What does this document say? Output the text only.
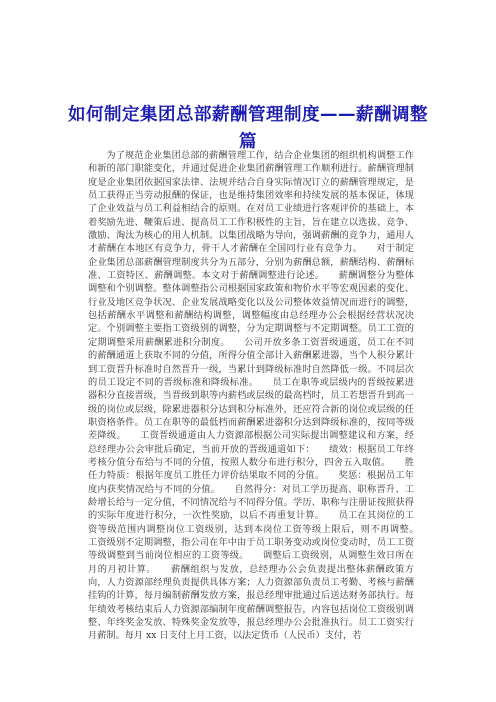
如何制定集团总部薪酬管理制度——薪酬调整篇

为了规范企业集团总部的薪酬管理工作，结合企业集团的组织机构调整工作和新的部门职能变化，并通过促进企业集团薪酬管理工作顺利进行。薪酬管理制度是企业集团依据国家法律、法规并结合自身实际情况订立的薪酬管理规定，是员工获得正当劳动报酬的保证，也是维持集团效率和持续发展的基本保证，体现了企业效益与员工利益相结合的原则。在对员工业绩进行客观评价的基础上，本着奖励先进、鞭策后进、提高员工工作积极性的主旨，旨在建立以选拔、竞争、激励、淘汰为核心的用人机制。以集团战略为导向，强调薪酬的竞争力，通用人才薪酬在本地区有竞争力，骨干人才薪酬在全国同行业有竞争力。　　对于制定企业集团总部薪酬管理制度共分为五部分，分别为薪酬总额，薪酬结构、薪酬标准、工资特区、薪酬调整。本文对于薪酬调整进行论述。　　薪酬调整分为整体调整和个别调整。整体调整指公司根据国家政策和物价水平等宏观因素的变化、行业及地区竞争状况、企业发展战略变化以及公司整体效益情况而进行的调整，包括薪酬水平调整和薪酬结构调整，调整幅度由总经理办公会根据经营状况决定。个别调整主要指工资级别的调整，分为定期调整与不定期调整。员工工资的定期调整采用薪酬累进积分制度。　　公司开放多条工资晋级通道，员工在不同的薪酬通道上获取不同的分值，所得分值全部计入薪酬累进器，当个人积分累计到工资晋升标准时自然晋升一级，当累计到降级标准时自然降低一级。不同层次的员工设定不同的晋级标准和降级标准。　　员工在职等或层级内的晋级按累进器积分直接晋级，当晋级到职等内薪档或层级的最高档时，员工若想晋升到高一级的岗位或层级，除累进器积分达到积分标准外，还应符合新的岗位或层级的任职资格条件。员工在职等的最低档而薪酬累进器积分达到降级标准的，按同等级差降级。　　工资晋级通道由人力资源部根据公司实际提出调整建议和方案，经总经理办公会审批后确定，当前开放的晋级通道如下：　　绩效：根据员工年终考核分值分布给与不同的分值，按照人数分布进行积分，四舍五入取值。　　胜任力特质：根据年度员工胜任力评价结果取不同的分值。　　奖惩：根据员工年度内获奖情况给与不同的分值。　　自然得分：对员工学历提高、职称晋升、工龄增长给与一定分值，不同情况给与不同得分值。学历、职称与注册证按照获得的实际年度进行积分，一次性奖励，以后不再重复计算。　　员工在其岗位的工资等级范围内调整岗位工资级别，达到本岗位工资等级上限后，则不再调整。　　工资级别不定期调整，指公司在年中由于员工职务变动或岗位变动时，员工工资等级调整到当前岗位相应的工资等级。　　调整后工资级别，从调整生效日所在月的月初计算。　　薪酬组织与发放，总经理办公会负责提出整体薪酬政策方向，人力资源部经理负责提供具体方案；人力资源部负责员工考勤、考核与薪酬挂钩的计算，每月编制薪酬发放方案，报总经理审批通过后送达财务部执行。每年绩效考核结束后人力资源部编制年度薪酬调整报告，内容包括岗位工资级别调整、年终奖金发放、特殊奖金发放等，报总经理办公会批准执行。员工工资实行月薪制。每月 xx 日支付上月工资，以法定货币（人民币）支付，若
